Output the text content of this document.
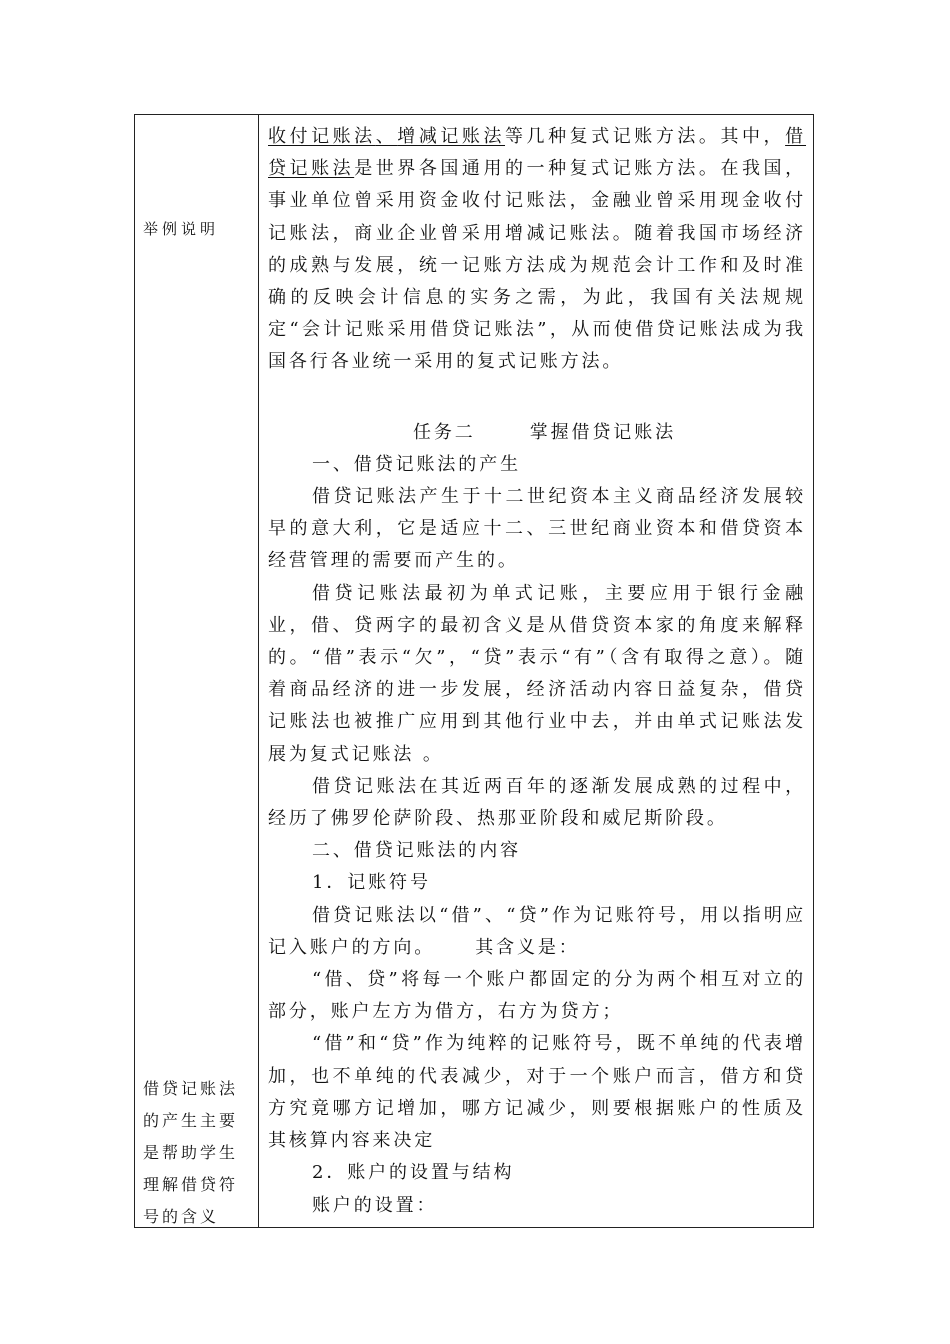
举例说明
借贷记账法
的产生主要
是帮助学生
理解借贷符
号的含义

收付记账法、增减记账法等几种复式记账方法。其中，借贷记账法是世界各国通用的一种复式记账方法。在我国，事业单位曾采用资金收付记账法，金融业曾采用现金收付记账法，商业企业曾采用增减记账法。随着我国市场经济的成熟与发展，统一记账方法成为规范会计工作和及时准确的反映会计信息的实务之需，为此，我国有关法规规定“会计记账采用借贷记账法”，从而使借贷记账法成为我国各行各业统一采用的复式记账方法。

任务二	掌握借贷记账法

一、借贷记账法的产生

借贷记账法产生于十二世纪资本主义商品经济发展较早的意大利，它是适应十二、三世纪商业资本和借贷资本经营管理的需要而产生的。

借贷记账法最初为单式记账，主要应用于银行金融业，借、贷两字的最初含义是从借贷资本家的角度来解释的。“借”表示“欠”，“贷”表示“有”（含有取得之意）。随着商品经济的进一步发展，经济活动内容日益复杂，借贷记账法也被推广应用到其他行业中去，并由单式记账法发展为复式记账法 。

借贷记账法在其近两百年的逐渐发展成熟的过程中，经历了佛罗伦萨阶段、热那亚阶段和威尼斯阶段。

二、借贷记账法的内容

1．记账符号

借贷记账法以“借”、“贷”作为记账符号，用以指明应记入账户的方向。 其含义是：

“借、贷”将每一个账户都固定的分为两个相互对立的部分，账户左方为借方，右方为贷方；

“借”和“贷”作为纯粹的记账符号，既不单纯的代表增加，也不单纯的代表减少，对于一个账户而言，借方和贷方究竟哪方记增加，哪方记减少，则要根据账户的性质及其核算内容来决定

2．账户的设置与结构

账户的设置：
